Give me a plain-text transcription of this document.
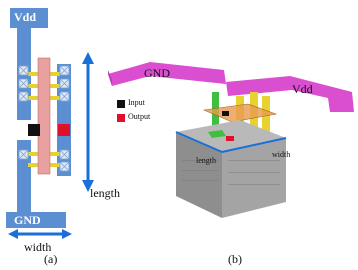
Vdd
GND
length
width
(a)
GND
Vdd
Input
Output
length
width
(b)
